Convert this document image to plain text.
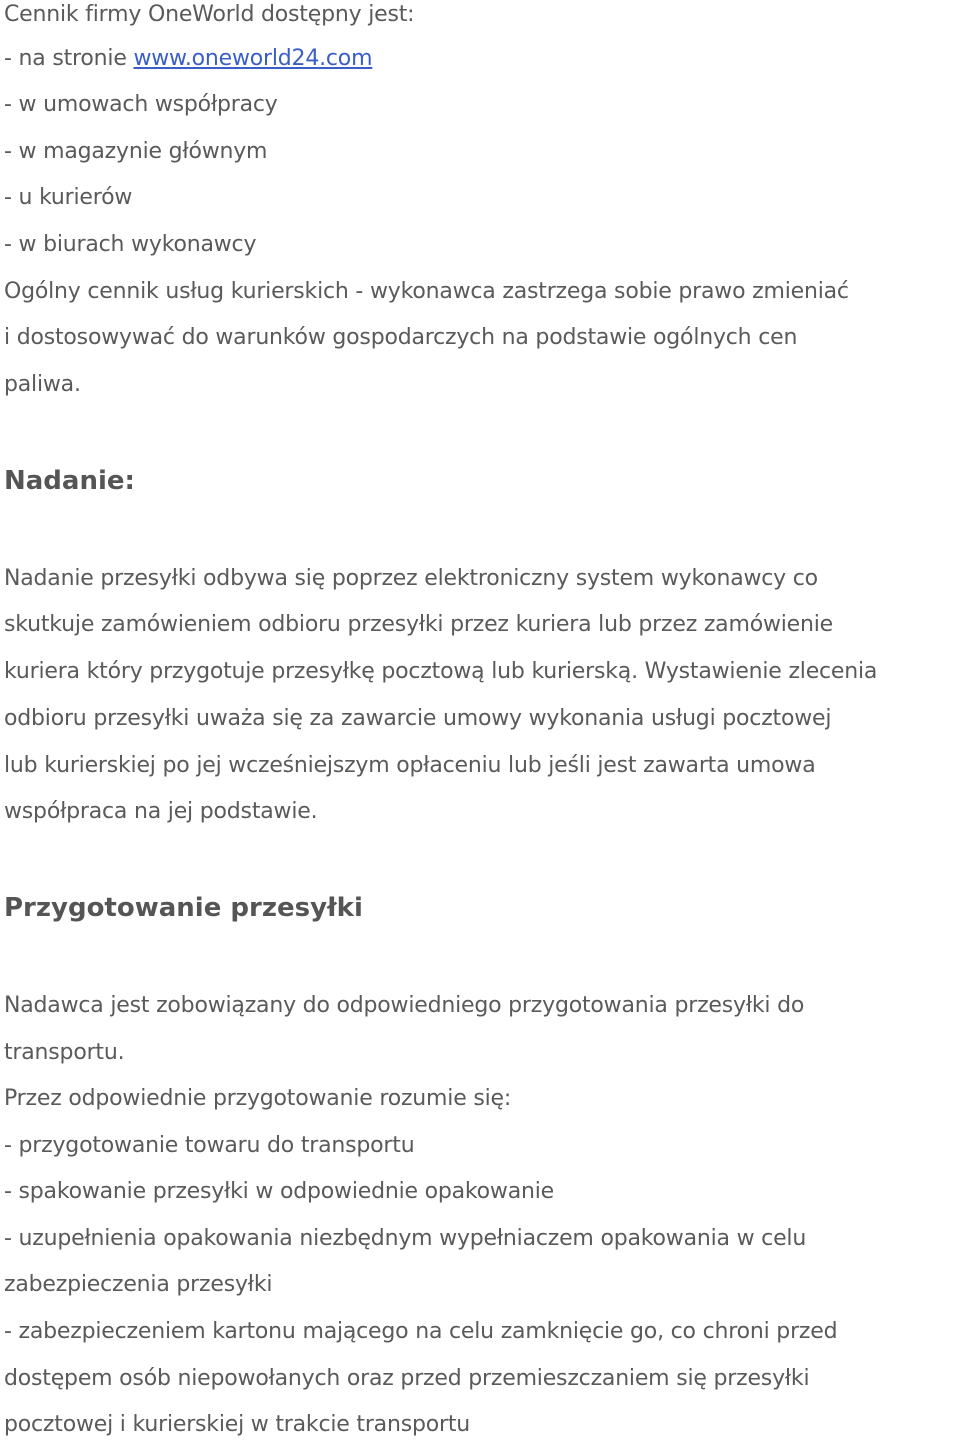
Cennik firmy OneWorld dostępny jest:
- na stronie www.oneworld24.com
- w umowach współpracy
- w magazynie głównym
- u kurierów
- w biurach wykonawcy
Ogólny cennik usług kurierskich - wykonawca zastrzega sobie prawo zmieniać
i dostosowywać do warunków gospodarczych na podstawie ogólnych cen
paliwa.
Nadanie:
Nadanie przesyłki odbywa się poprzez elektroniczny system wykonawcy co
skutkuje zamówieniem odbioru przesyłki przez kuriera lub przez zamówienie
kuriera który przygotuje przesyłkę pocztową lub kurierską. Wystawienie zlecenia
odbioru przesyłki uważa się za zawarcie umowy wykonania usługi pocztowej
lub kurierskiej po jej wcześniejszym opłaceniu lub jeśli jest zawarta umowa
współpraca na jej podstawie.
Przygotowanie przesyłki
Nadawca jest zobowiązany do odpowiedniego przygotowania przesyłki do
transportu.
Przez odpowiednie przygotowanie rozumie się:
- przygotowanie towaru do transportu
- spakowanie przesyłki w odpowiednie opakowanie
- uzupełnienia opakowania niezbędnym wypełniaczem opakowania w celu
zabezpieczenia przesyłki
- zabezpieczeniem kartonu mającego na celu zamknięcie go, co chroni przed
dostępem osób niepowołanych oraz przed przemieszczaniem się przesyłki
pocztowej i kurierskiej w trakcie transportu
